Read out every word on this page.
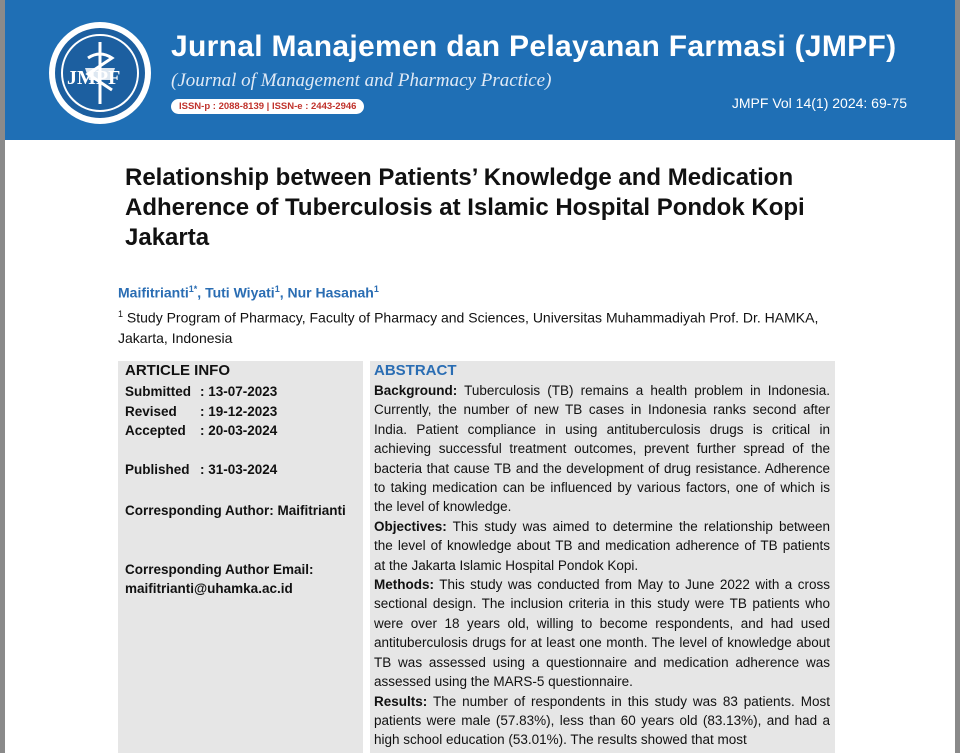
JMPF
Jurnal Manajemen dan Pelayanan Farmasi (JMPF)
(Journal of Management and Pharmacy Practice)
ISSN-p : 2088-8139 | ISSN-e : 2443-2946	JMPF Vol 14(1) 2024: 69-75
Relationship between Patients’ Knowledge and Medication Adherence of Tuberculosis at Islamic Hospital Pondok Kopi Jakarta
Maifitrianti$^{1*}$, Tuti Wiyati$^1$, Nur Hasanah$^1$
$^1$ Study Program of Pharmacy, Faculty of Pharmacy and Sciences, Universitas Muhammadiyah Prof. Dr. HAMKA, Jakarta, Indonesia
ARTICLE INFO	ABSTRACT
Submitted : 13-07-2023
Revised : 19-12-2023
Accepted : 20-03-2024
Published : 31-03-2024
Corresponding Author: Maifitrianti
Corresponding Author Email:
maifitrianti@uhamka.ac.id

Background: Tuberculosis (TB) remains a health problem in Indonesia. Currently, the number of new TB cases in Indonesia ranks second after India. Patient compliance in using antituberculosis drugs is critical in achieving successful treatment outcomes, prevent further spread of the bacteria that cause TB and the development of drug resistance. Adherence to taking medication can be influenced by various factors, one of which is the level of knowledge.

Objectives: This study was aimed to determine the relationship between the level of knowledge about TB and medication adherence of TB patients at the Jakarta Islamic Hospital Pondok Kopi.

Methods: This study was conducted from May to June 2022 with a cross sectional design. The inclusion criteria in this study were TB patients who were over 18 years old, willing to become respondents, and had used antituberculosis drugs for at least one month. The level of knowledge about TB was assessed using a questionnaire and medication adherence was assessed using the MARS-5 questionnaire.

Results: The number of respondents in this study was 83 patients. Most patients were male (57.83%), less than 60 years old (83.13%), and had a high school education (53.01%). The results showed that most
